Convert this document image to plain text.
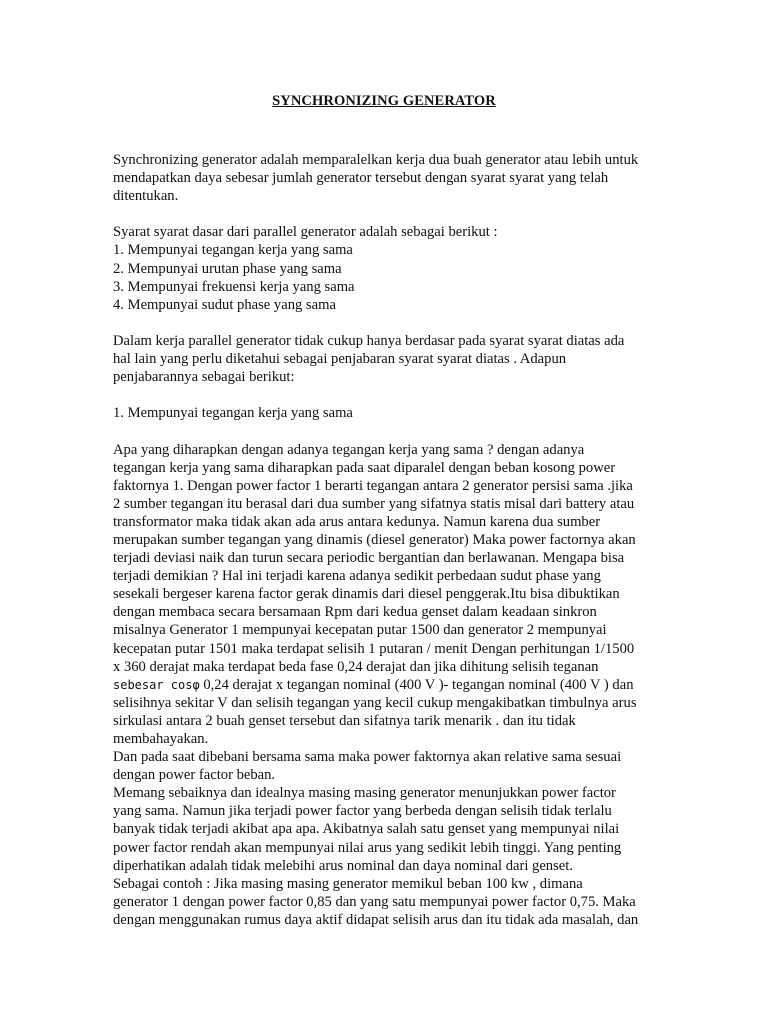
SYNCHRONIZING GENERATOR
Synchronizing generator adalah memparalelkan kerja dua buah generator atau lebih untuk
mendapatkan daya sebesar jumlah generator tersebut dengan syarat syarat yang telah
ditentukan.
Syarat syarat dasar dari parallel generator adalah sebagai berikut :
1. Mempunyai tegangan kerja yang sama
2. Mempunyai urutan phase yang sama
3. Mempunyai frekuensi kerja yang sama
4. Mempunyai sudut phase yang sama
Dalam kerja parallel generator tidak cukup hanya berdasar pada syarat syarat diatas ada
hal lain yang perlu diketahui sebagai penjabaran syarat syarat diatas . Adapun
penjabarannya sebagai berikut:
1. Mempunyai tegangan kerja yang sama
Apa yang diharapkan dengan adanya tegangan kerja yang sama ? dengan adanya
tegangan kerja yang sama diharapkan pada saat diparalel dengan beban kosong power
faktornya 1. Dengan power factor 1 berarti tegangan antara 2 generator persisi sama .jika
2 sumber tegangan itu berasal dari dua sumber yang sifatnya statis misal dari battery atau
transformator maka tidak akan ada arus antara kedunya. Namun karena dua sumber
merupakan sumber tegangan yang dinamis (diesel generator) Maka power factornya akan
terjadi deviasi naik dan turun secara periodic bergantian dan berlawanan. Mengapa bisa
terjadi demikian ? Hal ini terjadi karena adanya sedikit perbedaan sudut phase yang
sesekali bergeser karena factor gerak dinamis dari diesel penggerak.Itu bisa dibuktikan
dengan membaca secara bersamaan Rpm dari kedua genset dalam keadaan sinkron
misalnya Generator 1 mempunyai kecepatan putar 1500 dan generator 2 mempunyai
kecepatan putar 1501 maka terdapat selisih 1 putaran / menit Dengan perhitungan 1/1500
x 360 derajat maka terdapat beda fase 0,24 derajat dan jika dihitung selisih teganan
sebesar cosφ 0,24 derajat x tegangan nominal (400 V )- tegangan nominal (400 V ) dan
selisihnya sekitar V dan selisih tegangan yang kecil cukup mengakibatkan timbulnya arus
sirkulasi antara 2 buah genset tersebut dan sifatnya tarik menarik . dan itu tidak
membahayakan.
Dan pada saat dibebani bersama sama maka power faktornya akan relative sama sesuai
dengan power factor beban.
Memang sebaiknya dan idealnya masing masing generator menunjukkan power factor
yang sama. Namun jika terjadi power factor yang berbeda dengan selisih tidak terlalu
banyak tidak terjadi akibat apa apa. Akibatnya salah satu genset yang mempunyai nilai
power factor rendah akan mempunyai nilai arus yang sedikit lebih tinggi. Yang penting
diperhatikan adalah tidak melebihi arus nominal dan daya nominal dari genset.
Sebagai contoh : Jika masing masing generator memikul beban 100 kw , dimana
generator 1 dengan power factor 0,85 dan yang satu mempunyai power factor 0,75. Maka
dengan menggunakan rumus daya aktif didapat selisih arus dan itu tidak ada masalah, dan
